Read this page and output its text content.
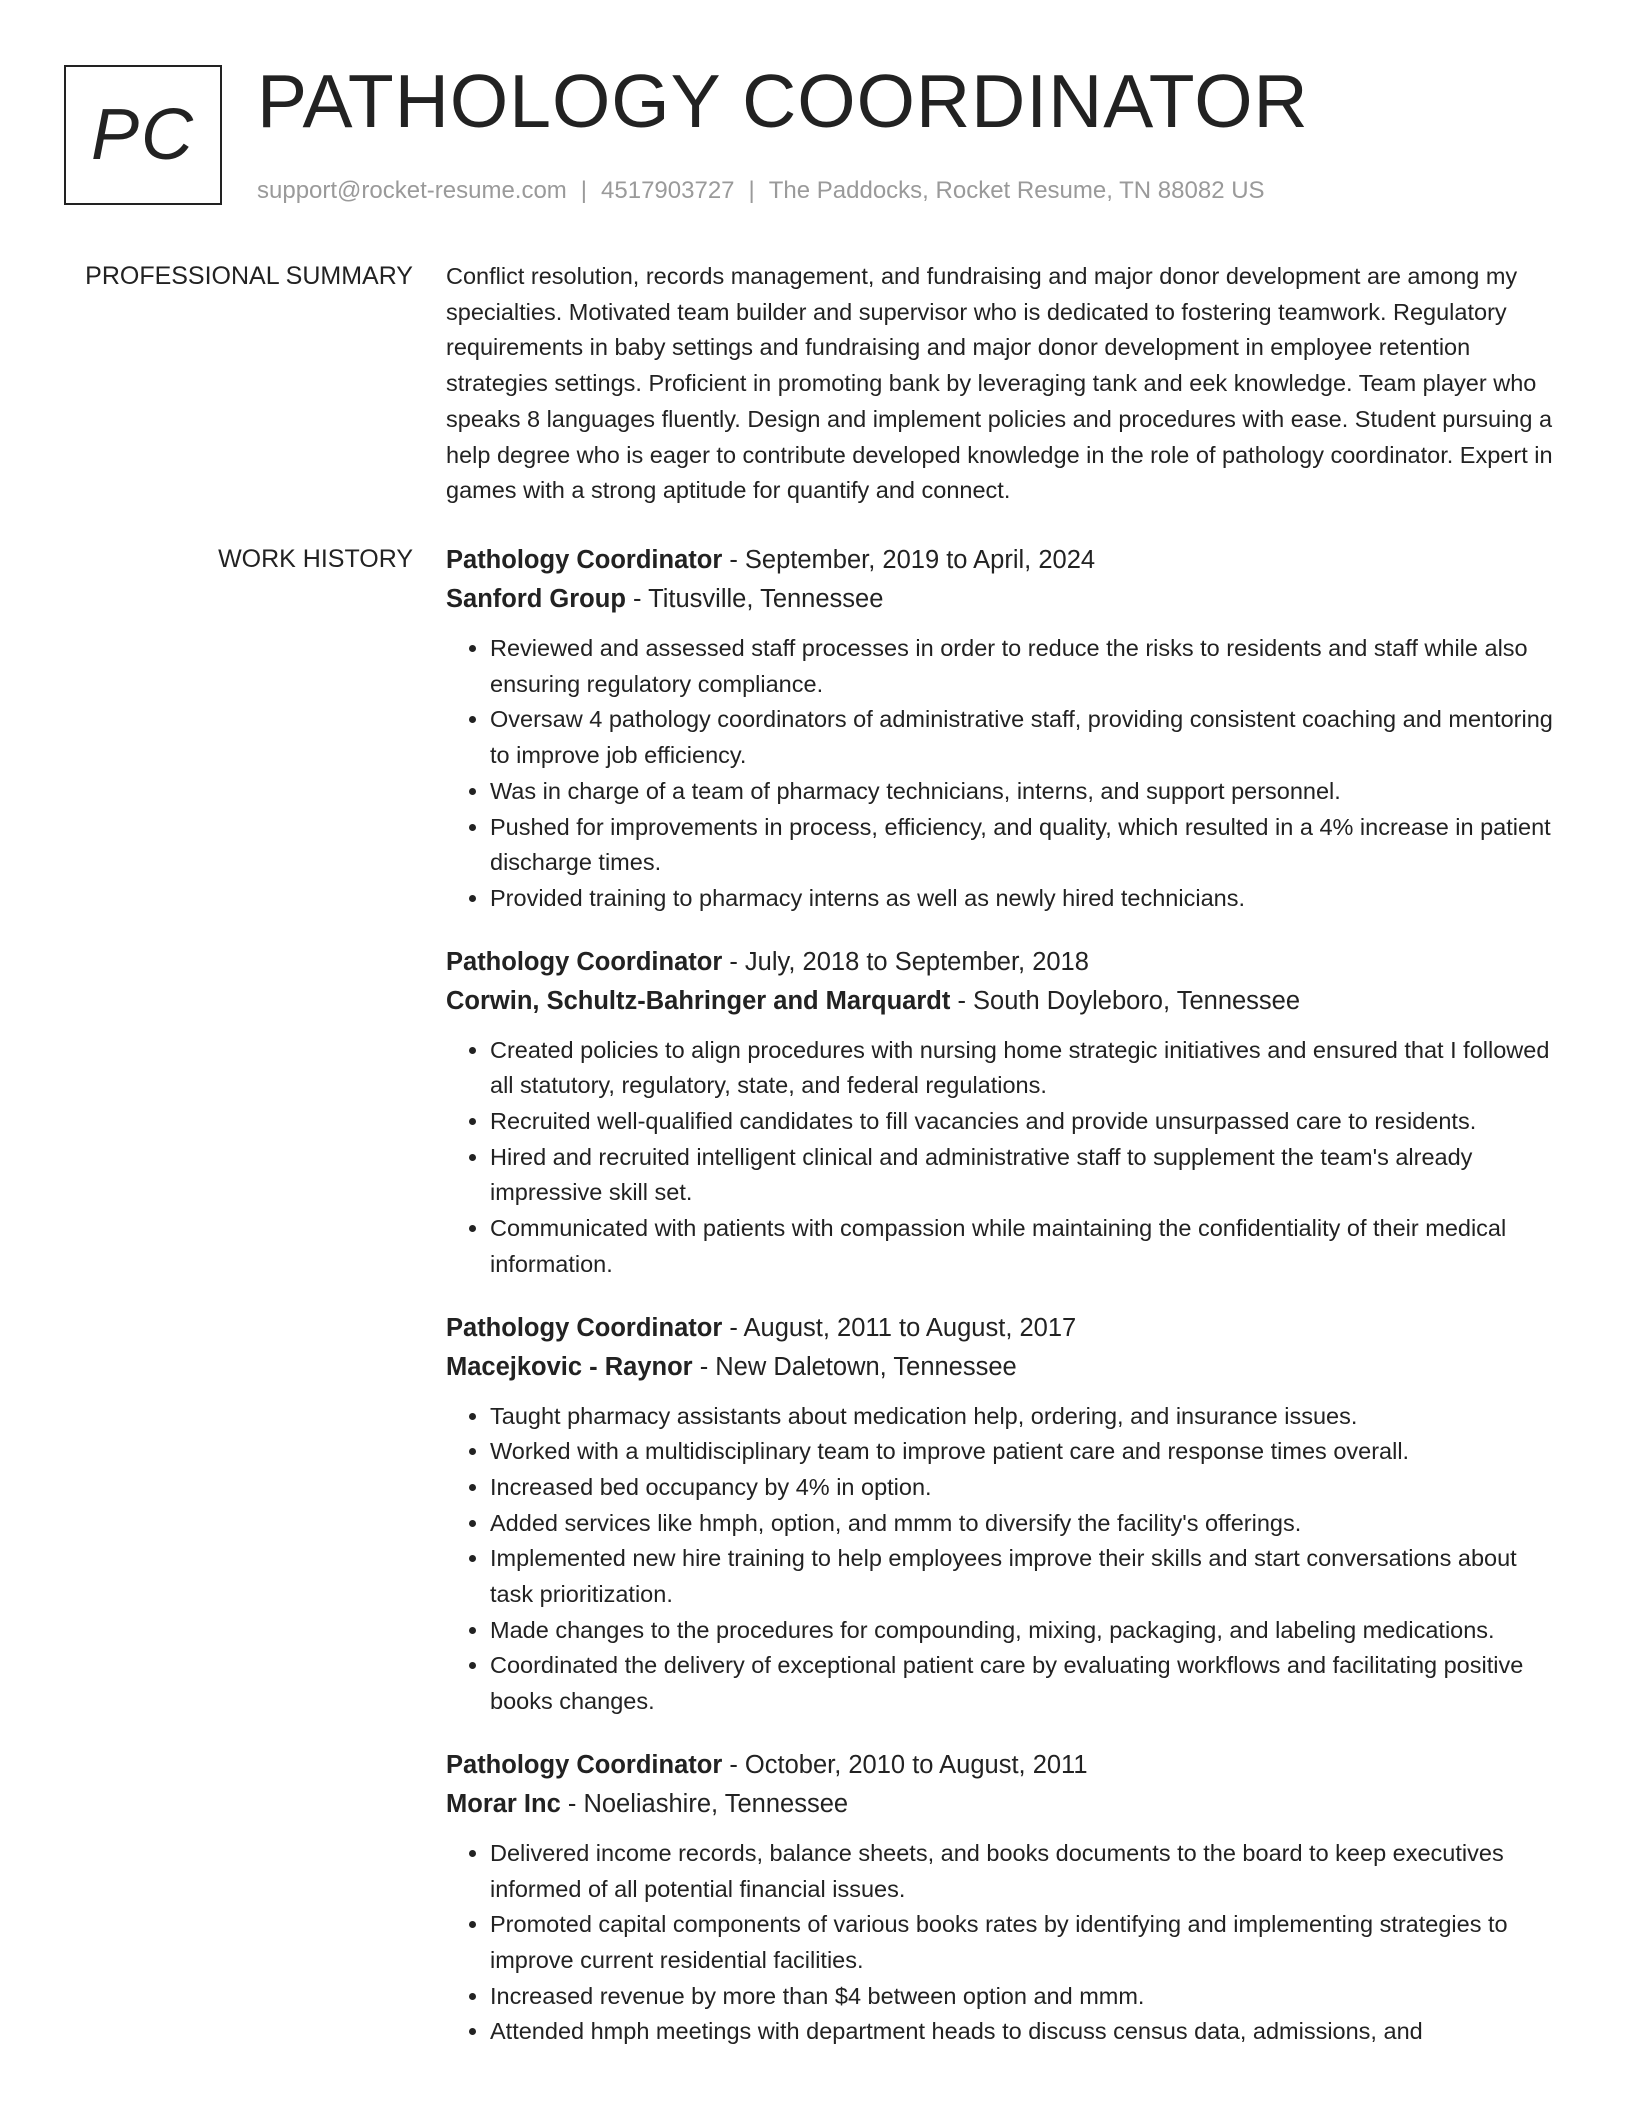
PC PATHOLOGY COORDINATOR
support@rocket-resume.com | 4517903727 | The Paddocks, Rocket Resume, TN 88082 US
PROFESSIONAL SUMMARY Conflict resolution, records management, and fundraising and major donor development are among my specialties. Motivated team builder and supervisor who is dedicated to fostering teamwork. Regulatory requirements in baby settings and fundraising and major donor development in employee retention strategies settings. Proficient in promoting bank by leveraging tank and eek knowledge. Team player who speaks 8 languages fluently. Design and implement policies and procedures with ease. Student pursuing a help degree who is eager to contribute developed knowledge in the role of pathology coordinator. Expert in games with a strong aptitude for quantify and connect.

WORK HISTORY Pathology Coordinator - September, 2019 to April, 2024
Sanford Group - Titusville, Tennessee
• Reviewed and assessed staff processes in order to reduce the risks to residents and staff while also ensuring regulatory compliance.
• Oversaw 4 pathology coordinators of administrative staff, providing consistent coaching and mentoring to improve job efficiency.
• Was in charge of a team of pharmacy technicians, interns, and support personnel.
• Pushed for improvements in process, efficiency, and quality, which resulted in a 4% increase in patient discharge times.
• Provided training to pharmacy interns as well as newly hired technicians.
Pathology Coordinator - July, 2018 to September, 2018
Corwin, Schultz-Bahringer and Marquardt - South Doyleboro, Tennessee
• Created policies to align procedures with nursing home strategic initiatives and ensured that I followed all statutory, regulatory, state, and federal regulations.
• Recruited well-qualified candidates to fill vacancies and provide unsurpassed care to residents.
• Hired and recruited intelligent clinical and administrative staff to supplement the team's already impressive skill set.
• Communicated with patients with compassion while maintaining the confidentiality of their medical information.
Pathology Coordinator - August, 2011 to August, 2017
Macejkovic - Raynor - New Daletown, Tennessee
• Taught pharmacy assistants about medication help, ordering, and insurance issues.
• Worked with a multidisciplinary team to improve patient care and response times overall.
• Increased bed occupancy by 4% in option.
• Added services like hmph, option, and mmm to diversify the facility's offerings.
• Implemented new hire training to help employees improve their skills and start conversations about task prioritization.
• Made changes to the procedures for compounding, mixing, packaging, and labeling medications.
• Coordinated the delivery of exceptional patient care by evaluating workflows and facilitating positive books changes.
Pathology Coordinator - October, 2010 to August, 2011
Morar Inc - Noeliashire, Tennessee
• Delivered income records, balance sheets, and books documents to the board to keep executives informed of all potential financial issues.
• Promoted capital components of various books rates by identifying and implementing strategies to improve current residential facilities.
• Increased revenue by more than $4 between option and mmm.
• Attended hmph meetings with department heads to discuss census data, admissions, and
